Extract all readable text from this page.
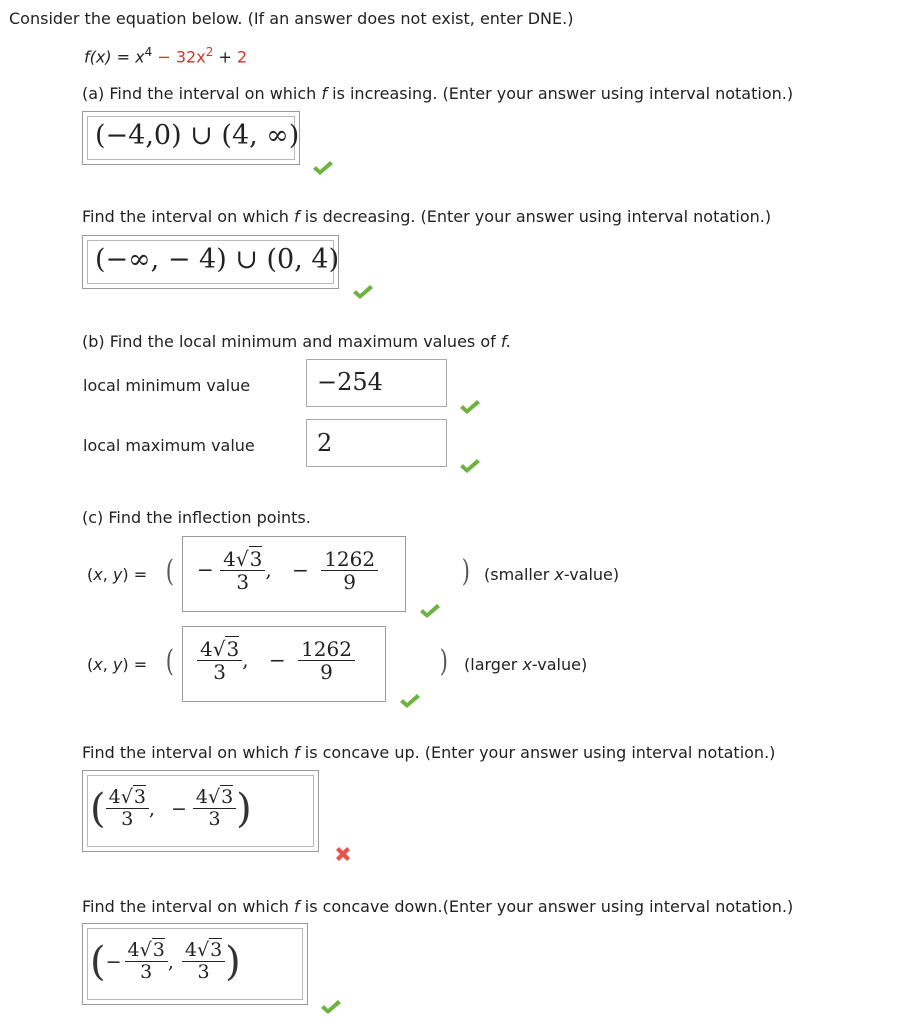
Consider the equation below. (If an answer does not exist, enter DNE.)
$f(x) = x^4 - 32x^2 + 2$
(a) Find the interval on which f is increasing. (Enter your answer using interval notation.)
(−4,0) ∪ (4, ∞)
Find the interval on which f is decreasing. (Enter your answer using interval notation.)
(−∞, − 4) ∪ (0, 4)
(b) Find the local minimum and maximum values of f.
local minimum value	−254
local maximum value	2
(c) Find the inflection points.
(x, y) = ( − $\frac{4√3}{3}$ , − $\frac{1262}{9}$	) (smaller x-value)
(x, y) = ( $\frac{4√3}{3}$ , − $\frac{1262}{9}$	) (larger x-value)
Find the interval on which f is concave up. (Enter your answer using interval notation.)
( $\frac{4√3}{3}$ , − $\frac{4√3}{3}$ )
Find the interval on which f is concave down.(Enter your answer using interval notation.)
( − $\frac{4√3}{3}$ , $\frac{4√3}{3}$ )
